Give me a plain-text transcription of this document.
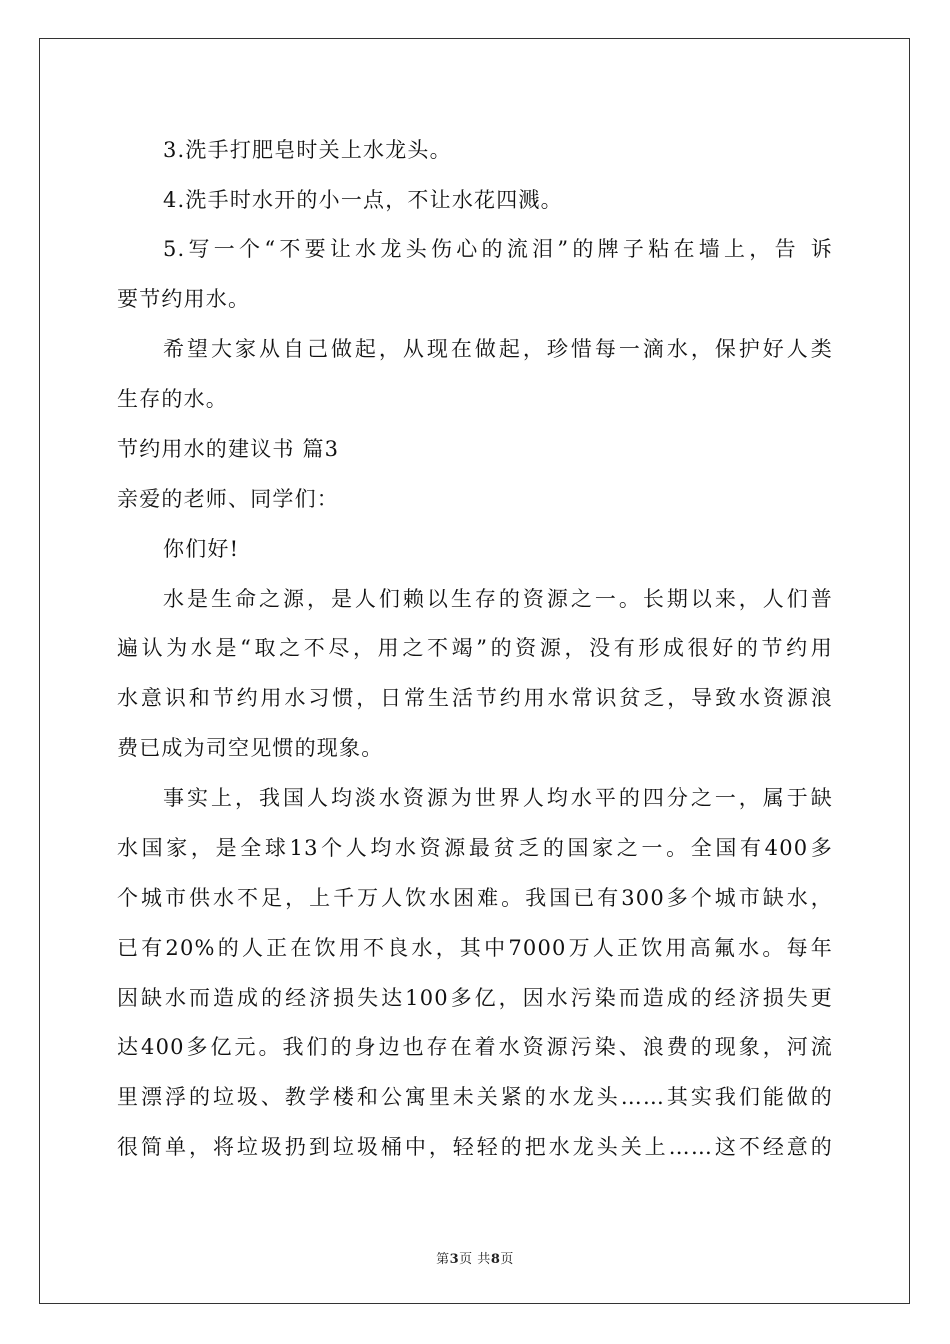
3.洗手打肥皂时关上水龙头。
4.洗手时水开的小一点，不让水花四溅。
5.写一个“不要让水龙头伤心的流泪”的牌子粘在墙上，告 诉
要节约用水。
希望大家从自己做起，从现在做起，珍惜每一滴水，保护好人类
生存的水。
节约用水的建议书 篇3
亲爱的老师、同学们：
你们好!
水是生命之源，是人们赖以生存的资源之一。长期以来，人们普
遍认为水是“取之不尽，用之不竭”的资源，没有形成很好的节约用
水意识和节约用水习惯，日常生活节约用水常识贫乏，导致水资源浪
费已成为司空见惯的现象。
事实上，我国人均淡水资源为世界人均水平的四分之一，属于缺
水国家，是全球13个人均水资源最贫乏的国家之一。全国有400多
个城市供水不足，上千万人饮水困难。我国已有300多个城市缺水，
已有20%的人正在饮用不良水，其中7000万人正饮用高氟水。每年
因缺水而造成的经济损失达100多亿，因水污染而造成的经济损失更
达400多亿元。我们的身边也存在着水资源污染、浪费的现象，河流
里漂浮的垃圾、教学楼和公寓里未关紧的水龙头……其实我们能做的
很简单，将垃圾扔到垃圾桶中，轻轻的把水龙头关上……这不经意的
第3页 共8页
